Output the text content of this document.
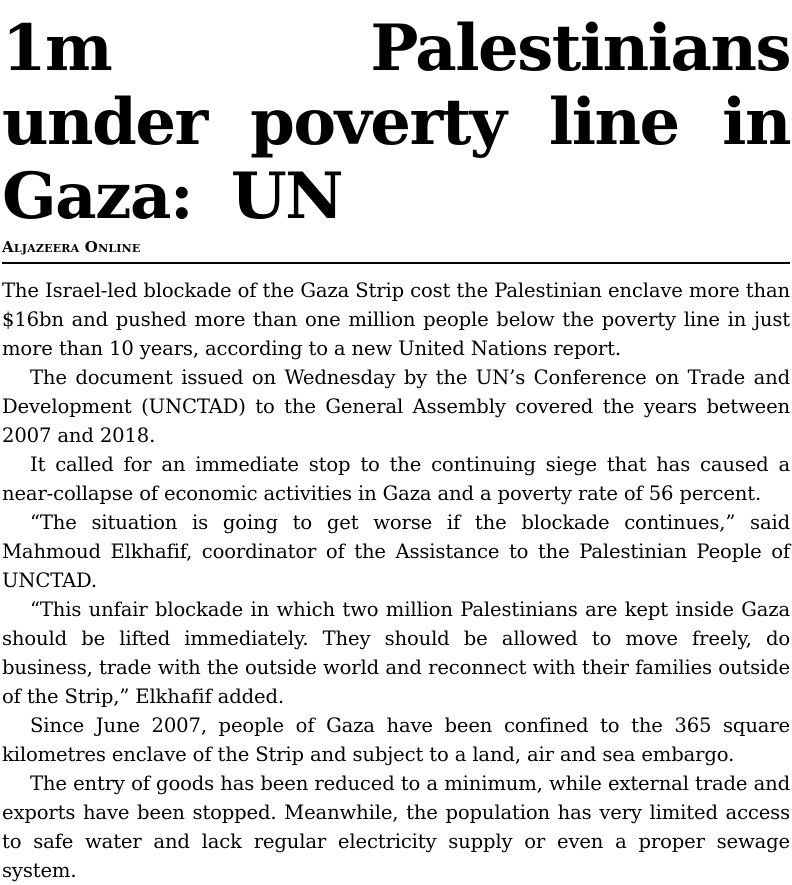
1m Palestinians under poverty line in Gaza: UN
Aljazeera Online

The Israel-led blockade of the Gaza Strip cost the Palestinian enclave more than $16bn and pushed more than one million people below the poverty line in just more than 10 years, according to a new United Nations report.

The document issued on Wednesday by the UN’s Conference on Trade and Development (UNCTAD) to the General Assembly covered the years between 2007 and 2018.

It called for an immediate stop to the continuing siege that has caused a near-collapse of economic activities in Gaza and a poverty rate of 56 percent.

“The situation is going to get worse if the blockade continues,” said Mahmoud Elkhafif, coordinator of the Assistance to the Palestinian People of UNCTAD.

“This unfair blockade in which two million Palestinians are kept inside Gaza should be lifted immediately. They should be allowed to move freely, do business, trade with the outside world and reconnect with their families outside of the Strip,” Elkhafif added.

Since June 2007, people of Gaza have been confined to the 365 square kilometres enclave of the Strip and subject to a land, air and sea embargo.

The entry of goods has been reduced to a minimum, while external trade and exports have been stopped. Meanwhile, the population has very limited access to safe water and lack regular electricity supply or even a proper sewage system.
